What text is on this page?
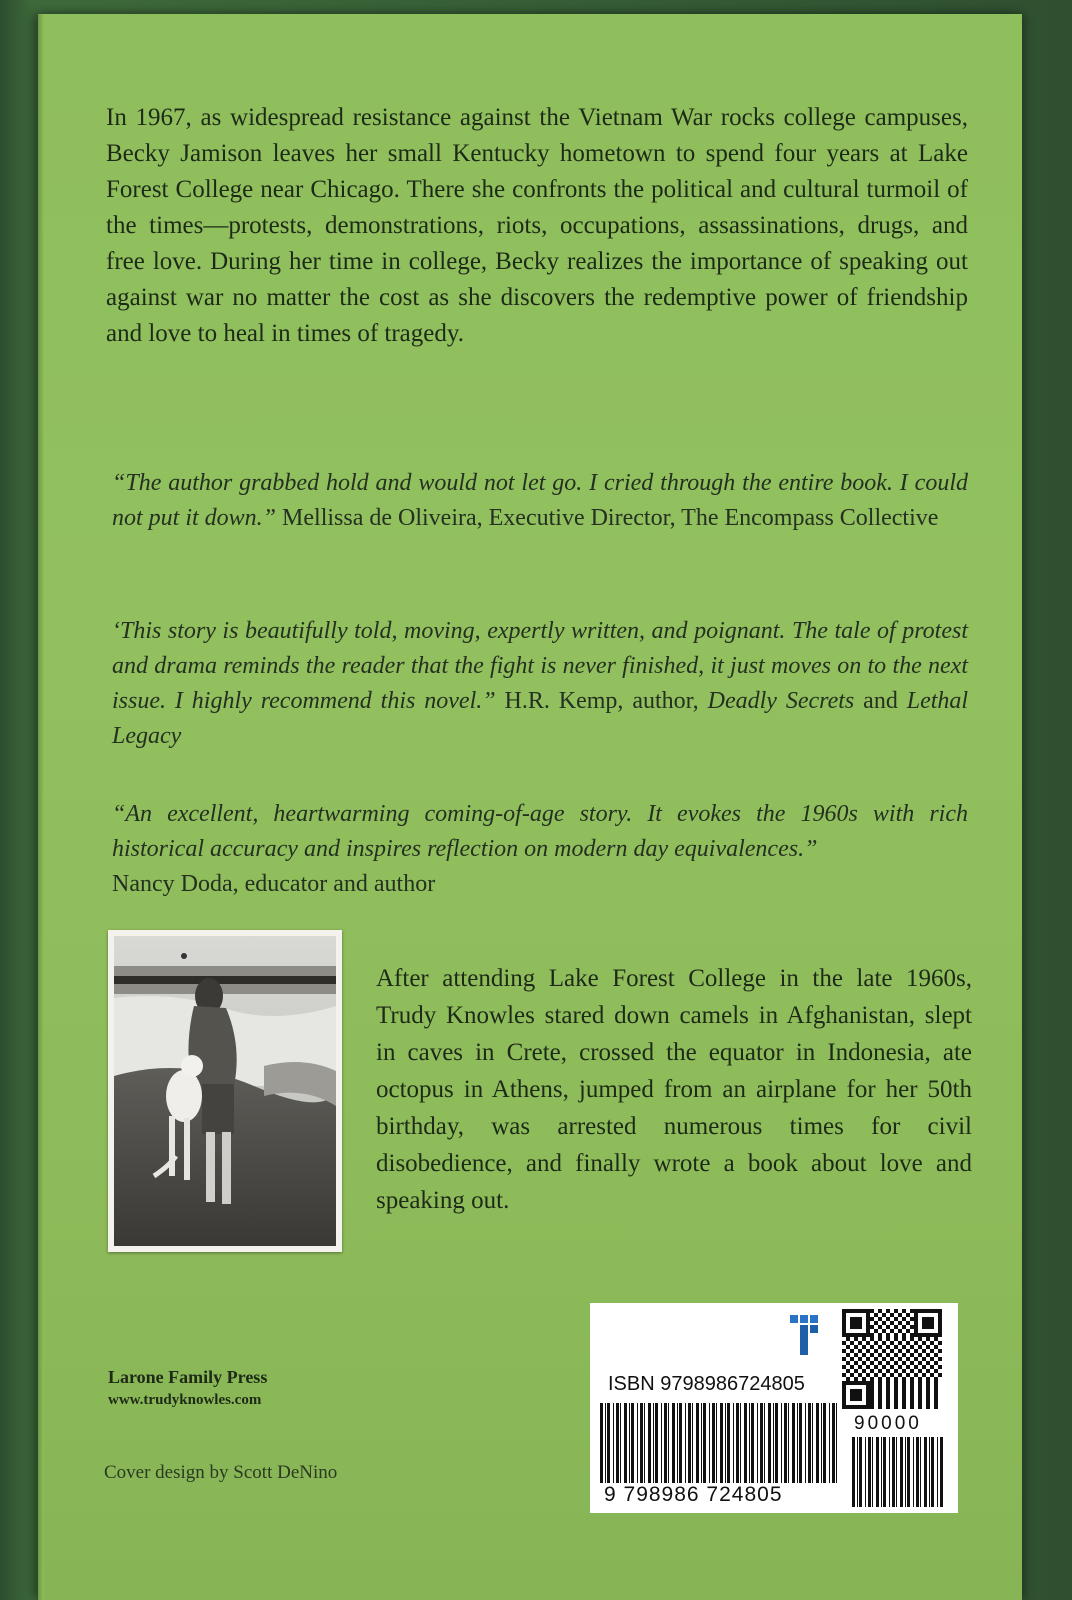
In 1967, as widespread resistance against the Vietnam War rocks college campuses, Becky Jamison leaves her small Kentucky hometown to spend four years at Lake Forest College near Chicago. There she confronts the political and cultural turmoil of the times—protests, demonstrations, riots, occupations, assassinations, drugs, and free love. During her time in college, Becky realizes the importance of speaking out against war no matter the cost as she discovers the redemptive power of friendship and love to heal in times of tragedy.

“The author grabbed hold and would not let go. I cried through the entire book. I could not put it down.” Mellissa de Oliveira, Executive Director, The Encompass Collective

‘This story is beautifully told, moving, expertly written, and poignant. The tale of protest and drama reminds the reader that the fight is never finished, it just moves on to the next issue. I highly recommend this novel.” H.R. Kemp, author, Deadly Secrets and Lethal Legacy

“An excellent, heartwarming coming-of-age story. It evokes the 1960s with rich historical accuracy and inspires reflection on modern day equivalences.”
Nancy Doda, educator and author

After attending Lake Forest College in the late 1960s, Trudy Knowles stared down camels in Afghanistan, slept in caves in Crete, crossed the equator in Indonesia, ate octopus in Athens, jumped from an airplane for her 50th birthday, was arrested numerous times for civil disobedience, and finally wrote a book about love and speaking out.

Larone Family Press

www.trudyknowles.com

Cover design by Scott DeNino

ISBN 9798986724805
90000
9 798986 724805
